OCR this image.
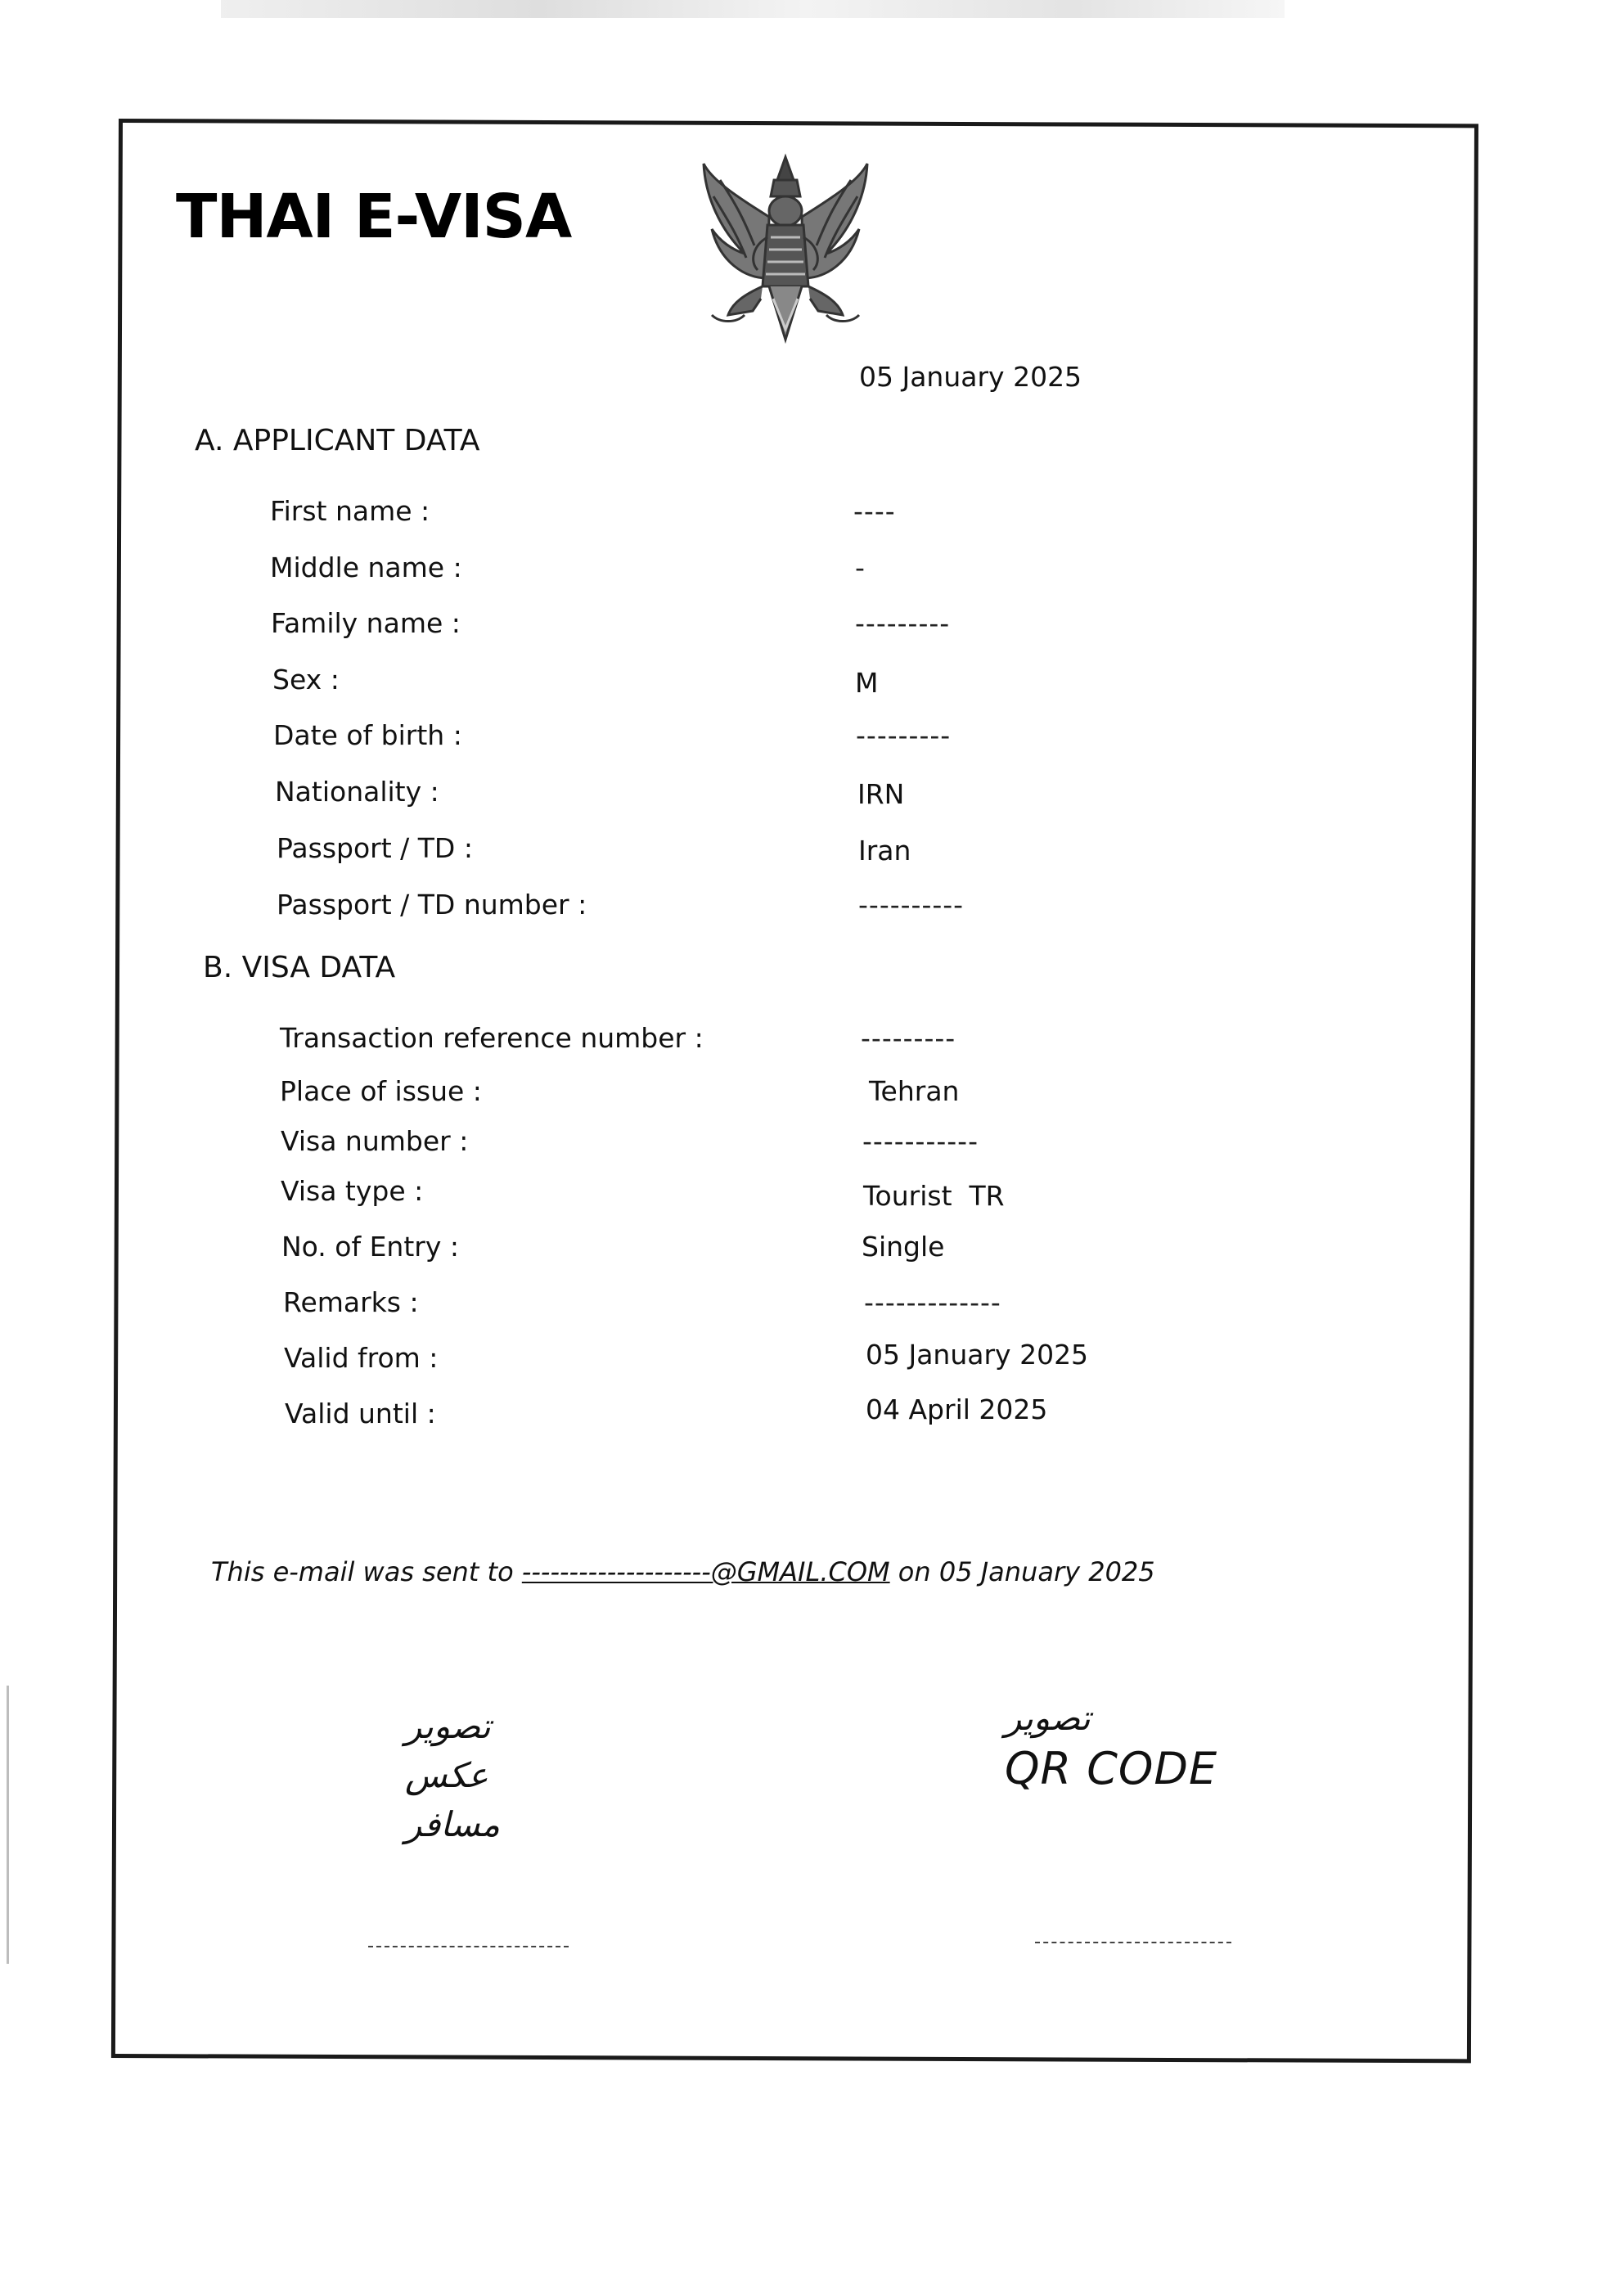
THAI E-VISA
05 January 2025
A. APPLICANT DATA
First name :	----
Middle name :	-
Family name :	---------
Sex :	M
Date of birth :	---------
Nationality :	IRN
Passport / TD :	Iran
Passport / TD number :	----------
B. VISA DATA
Transaction reference number :	---------
Place of issue :	Tehran
Visa number :	-----------
Visa type :	Tourist  TR
No. of Entry :	Single
Remarks :	-------------
Valid from :	05 January 2025
Valid until :	04 April 2025
This e-mail was sent to --------------------@GMAIL.COM on 05 January 2025
تصویر
عکس
مسافر
تصویر
QR CODE
